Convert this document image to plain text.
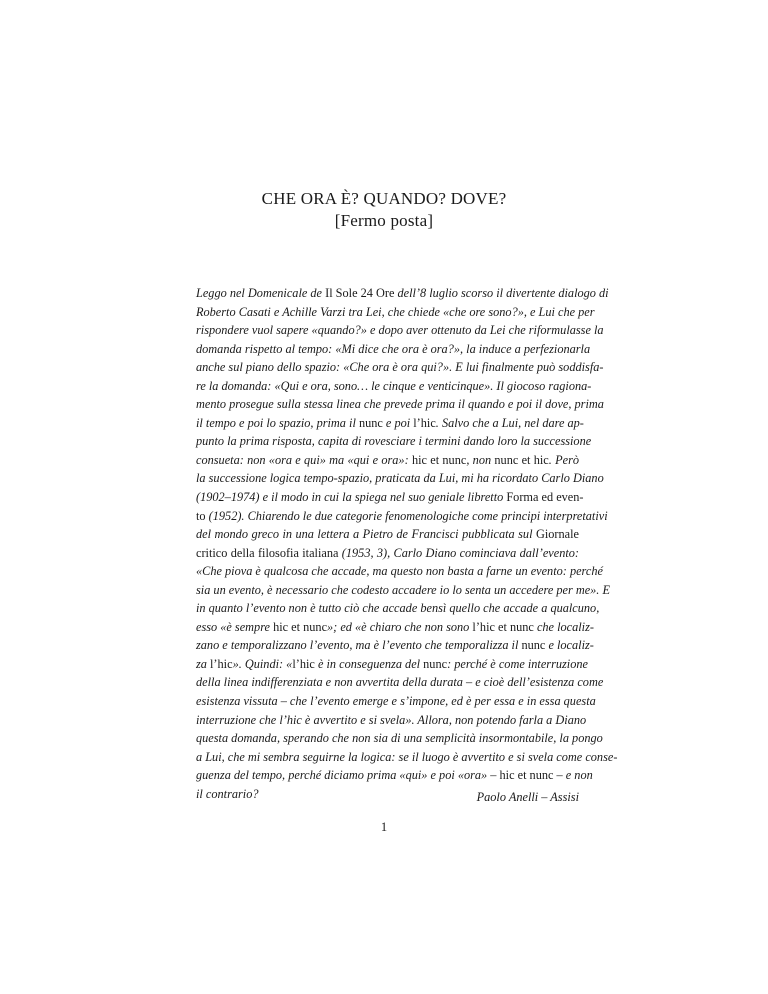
CHE ORA È? QUANDO? DOVE?
[Fermo posta]
Leggo nel Domenicale de Il Sole 24 Ore dell’8 luglio scorso il divertente dialogo di
Roberto Casati e Achille Varzi tra Lei, che chiede «che ore sono?», e Lui che per
rispondere vuol sapere «quando?» e dopo aver ottenuto da Lei che riformulasse la
domanda rispetto al tempo: «Mi dice che ora è ora?», la induce a perfezionarla
anche sul piano dello spazio: «Che ora è ora qui?». E lui finalmente può soddisfa-
re la domanda: «Qui e ora, sono… le cinque e venticinque». Il giocoso ragiona-
mento prosegue sulla stessa linea che prevede prima il quando e poi il dove, prima
il tempo e poi lo spazio, prima il nunc e poi l’hic. Salvo che a Lui, nel dare ap-
punto la prima risposta, capita di rovesciare i termini dando loro la successione
consueta: non «ora e qui» ma «qui e ora»: hic et nunc, non nunc et hic. Però
la successione logica tempo-spazio, praticata da Lui, mi ha ricordato Carlo Diano
(1902–1974) e il modo in cui la spiega nel suo geniale libretto Forma ed even-
to (1952). Chiarendo le due categorie fenomenologiche come principi interpretativi
del mondo greco in una lettera a Pietro de Francisci pubblicata sul Giornale
critico della filosofia italiana (1953, 3), Carlo Diano cominciava dall’evento:
«Che piova è qualcosa che accade, ma questo non basta a farne un evento: perché
sia un evento, è necessario che codesto accadere io lo senta un accedere per me». E
in quanto l’evento non è tutto ciò che accade bensì quello che accade a qualcuno,
esso «è sempre hic et nunc»; ed «è chiaro che non sono l’hic et nunc che localiz-
zano e temporalizzano l’evento, ma è l’evento che temporalizza il nunc e localiz-
za l’hic». Quindi: «l’hic è in conseguenza del nunc: perché è come interruzione
della linea indifferenziata e non avvertita della durata – e cioè dell’esistenza come
esistenza vissuta – che l’evento emerge e s’impone, ed è per essa e in essa questa
interruzione che l’hic è avvertito e si svela». Allora, non potendo farla a Diano
questa domanda, sperando che non sia di una semplicità insormontabile, la pongo
a Lui, che mi sembra seguirne la logica: se il luogo è avvertito e si svela come conse-
guenza del tempo, perché diciamo prima «qui» e poi «ora» – hic et nunc – e non
il contrario?	Paolo Anelli – Assisi
1
